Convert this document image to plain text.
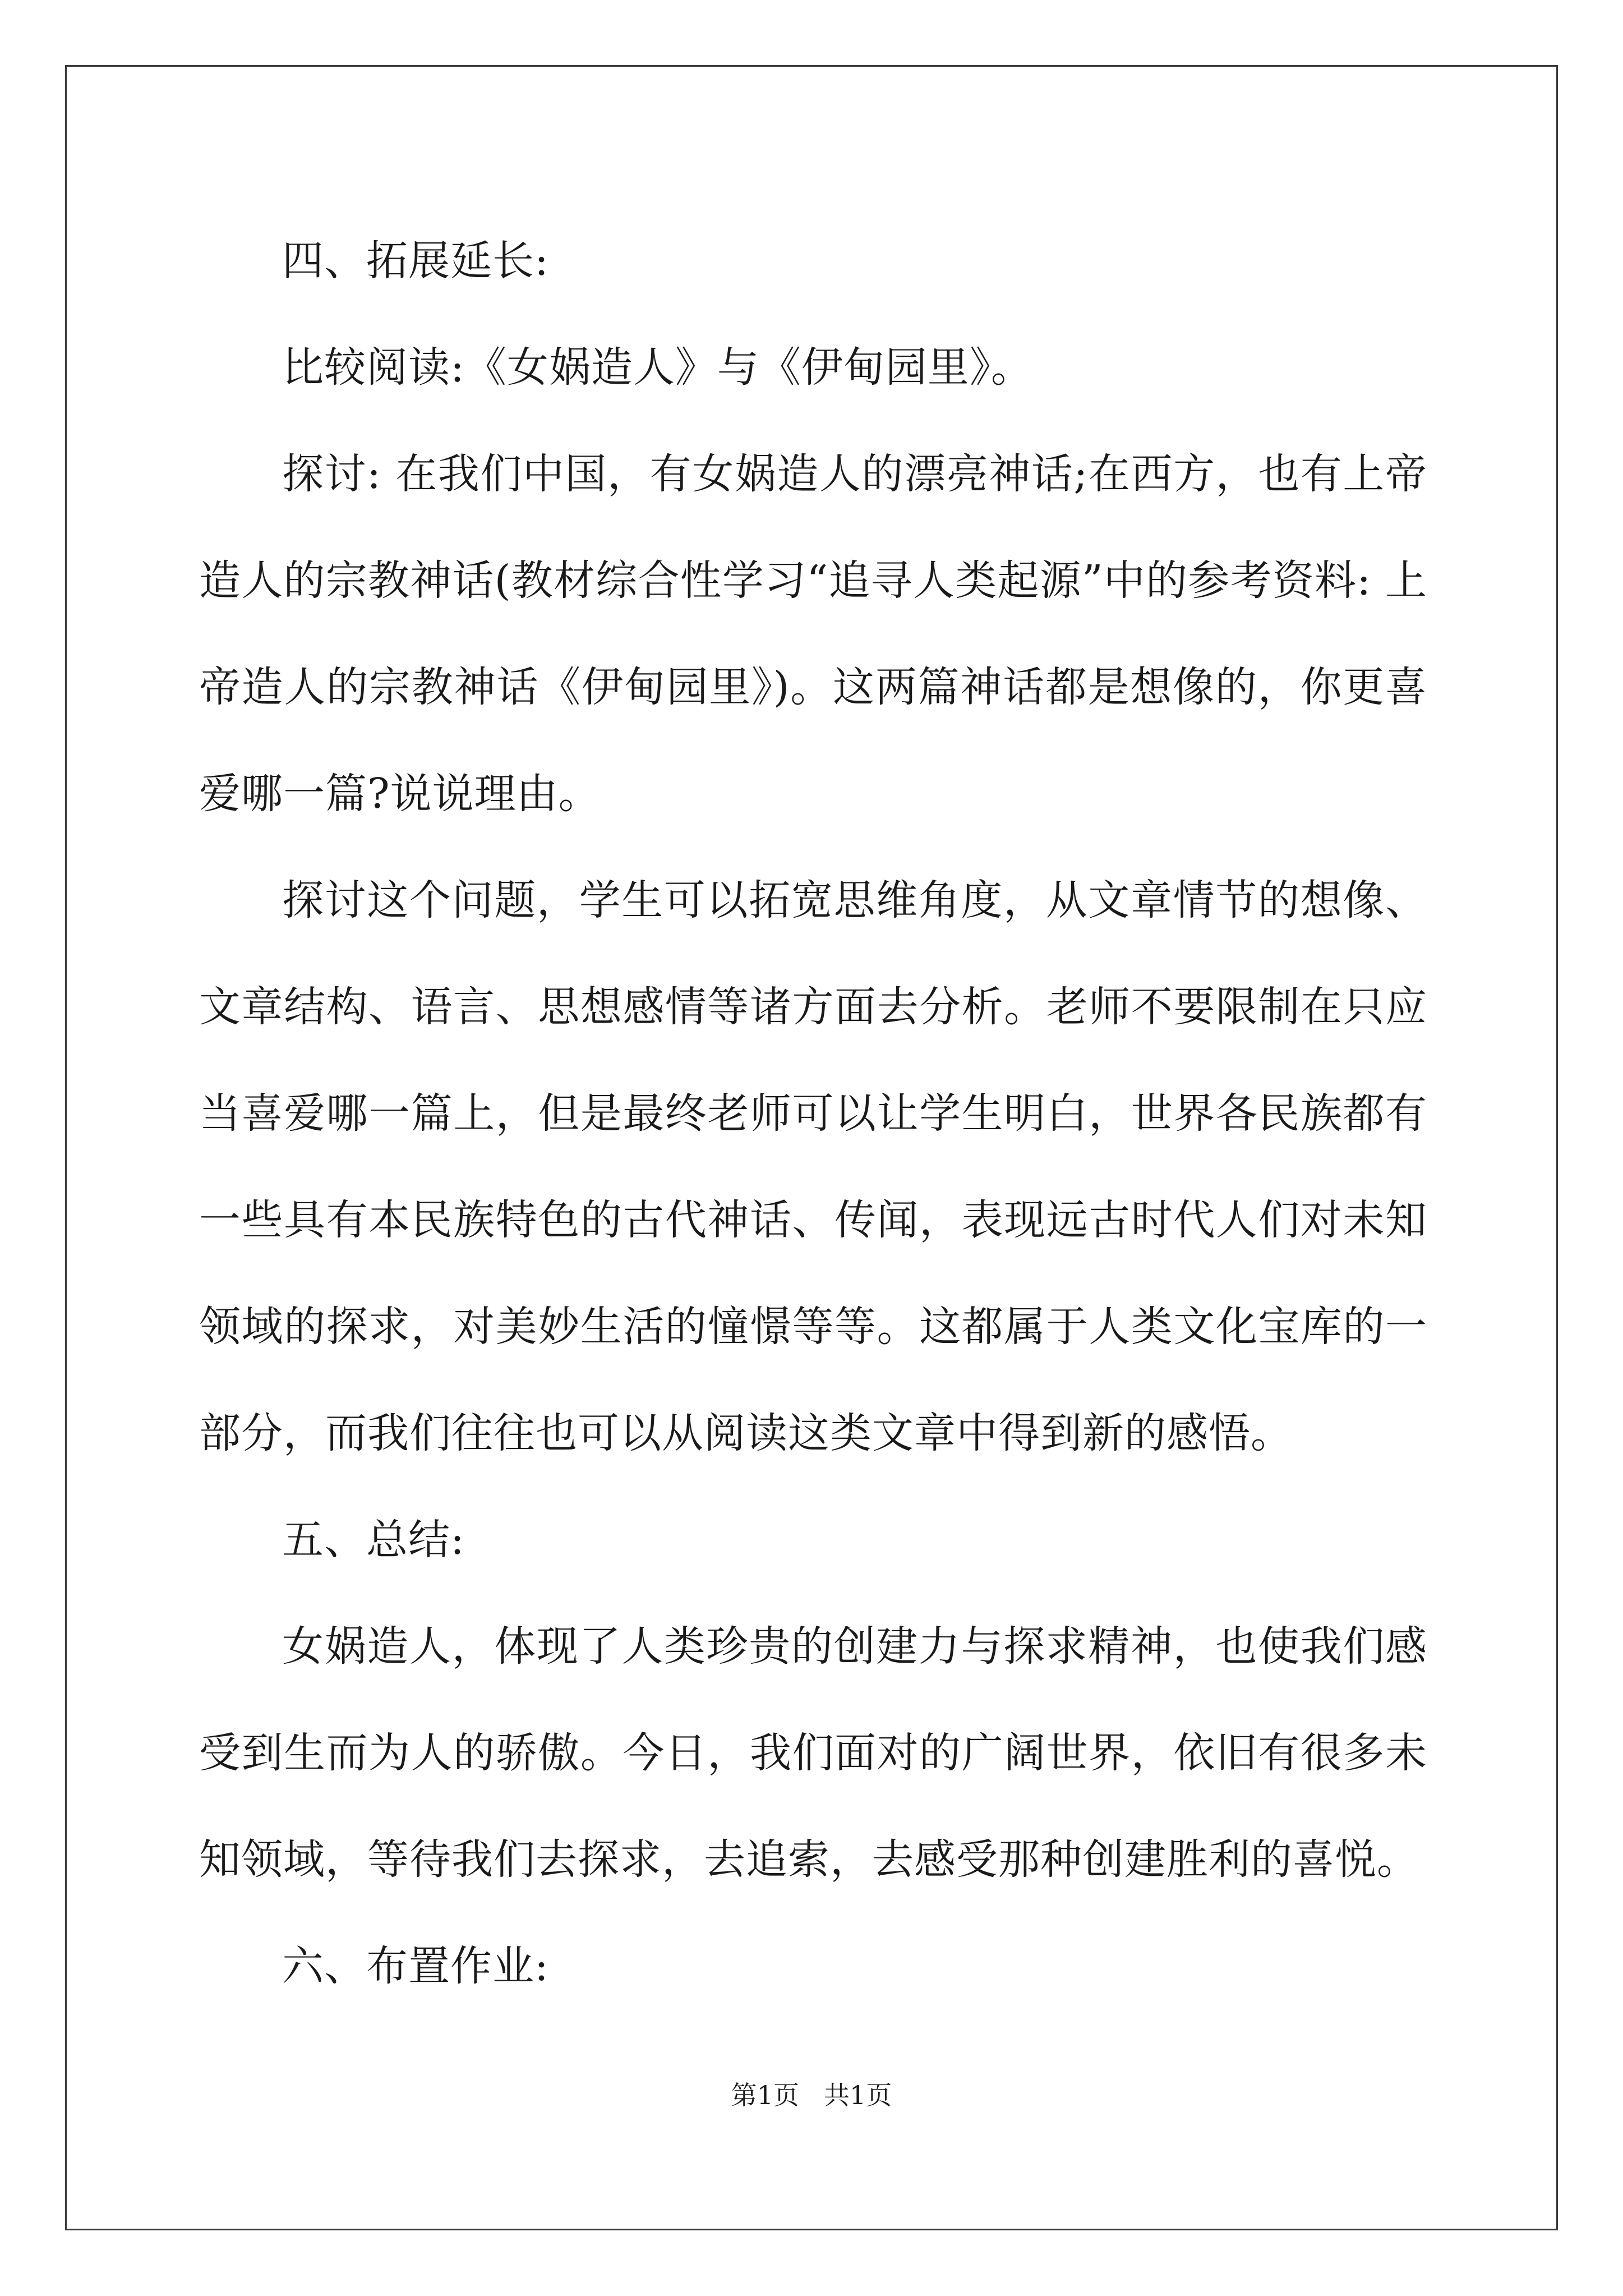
四、拓展延长:

比较阅读:《女娲造人》与《伊甸园里》。

探讨: 在我们中国，有女娲造人的漂亮神话;在西方，也有上帝造人的宗教神话(教材综合性学习“追寻人类起源”中的参考资料: 上帝造人的宗教神话《伊甸园里》)。这两篇神话都是想像的，你更喜爱哪一篇?说说理由。

探讨这个问题，学生可以拓宽思维角度，从文章情节的想像、文章结构、语言、思想感情等诸方面去分析。老师不要限制在只应当喜爱哪一篇上，但是最终老师可以让学生明白，世界各民族都有一些具有本民族特色的古代神话、传闻，表现远古时代人们对未知领域的探求，对美妙生活的憧憬等等。这都属于人类文化宝库的一部分，而我们往往也可以从阅读这类文章中得到新的感悟。

五、总结:

女娲造人，体现了人类珍贵的创建力与探求精神，也使我们感受到生而为人的骄傲。今日，我们面对的广阔世界，依旧有很多未知领域，等待我们去探求，去追索，去感受那种创建胜利的喜悦。

六、布置作业:

第1页 共1页
